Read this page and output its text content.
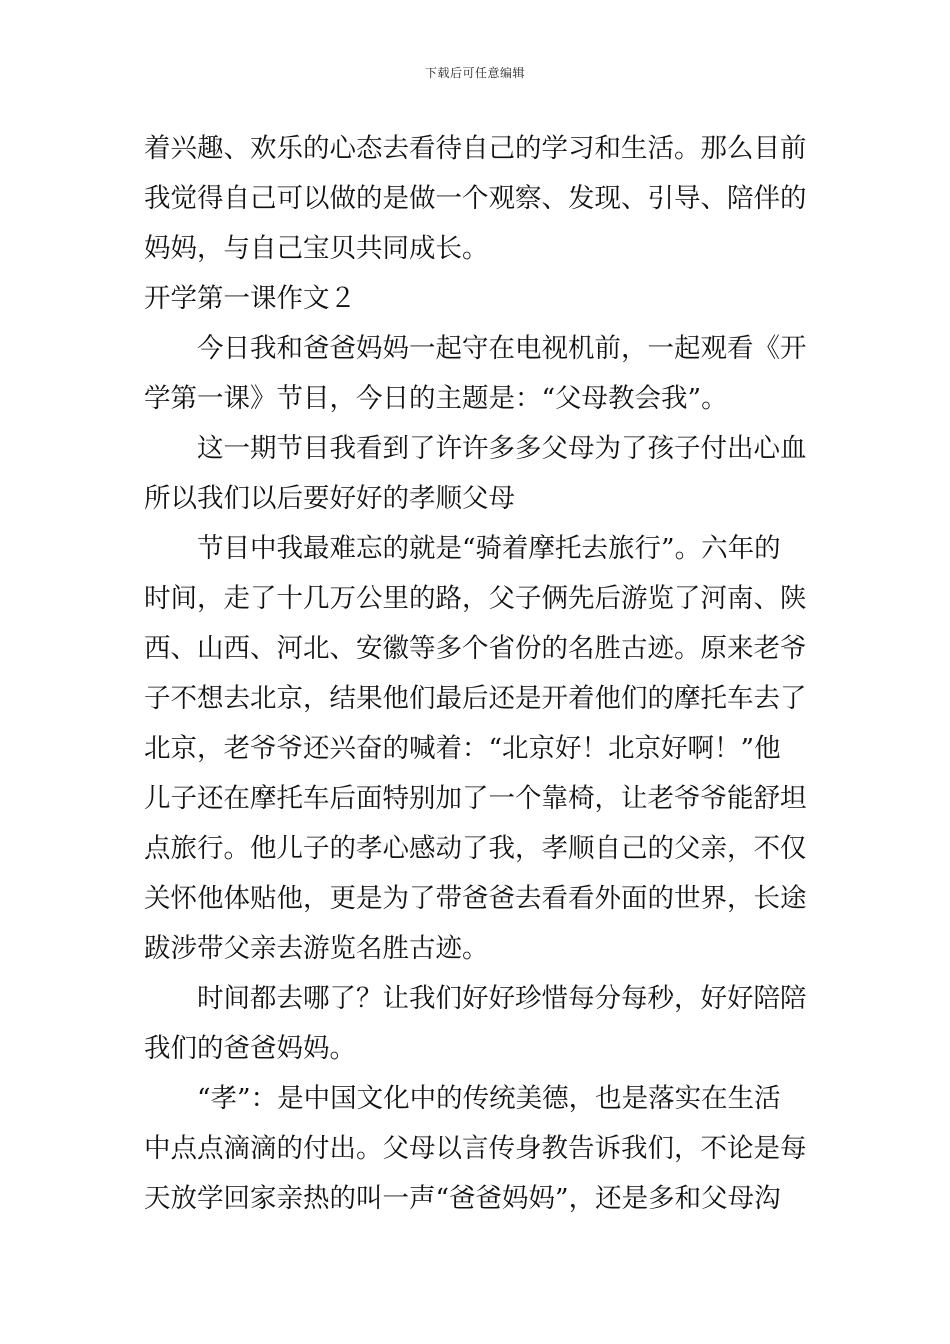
下载后可任意编辑
着兴趣、欢乐的心态去看待自己的学习和生活。那么目前
我觉得自己可以做的是做一个观察、发现、引导、陪伴的
妈妈，与自己宝贝共同成长。
开学第一课作文２
今日我和爸爸妈妈一起守在电视机前，一起观看《开
学第一课》节目，今日的主题是：“父母教会我”。
这一期节目我看到了许许多多父母为了孩子付出心血
所以我们以后要好好的孝顺父母
节目中我最难忘的就是“骑着摩托去旅行”。六年的
时间，走了十几万公里的路，父子俩先后游览了河南、陕
西、山西、河北、安徽等多个省份的名胜古迹。原来老爷
子不想去北京，结果他们最后还是开着他们的摩托车去了
北京，老爷爷还兴奋的喊着：“北京好！北京好啊！”他
儿子还在摩托车后面特别加了一个靠椅，让老爷爷能舒坦
点旅行。他儿子的孝心感动了我，孝顺自己的父亲，不仅
关怀他体贴他，更是为了带爸爸去看看外面的世界，长途
跋涉带父亲去游览名胜古迹。
时间都去哪了？让我们好好珍惜每分每秒，好好陪陪
我们的爸爸妈妈。
“孝”：是中国文化中的传统美德，也是落实在生活
中点点滴滴的付出。父母以言传身教告诉我们，不论是每
天放学回家亲热的叫一声“爸爸妈妈”，还是多和父母沟
